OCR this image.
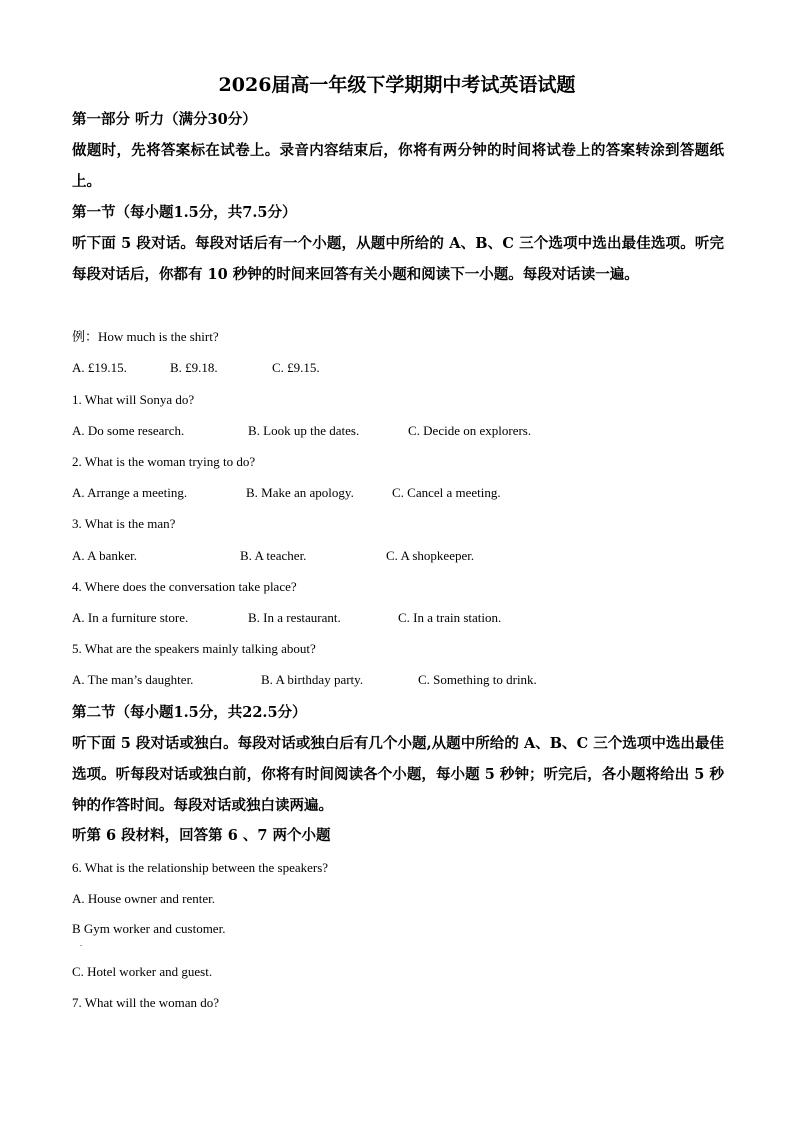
2026届高一年级下学期期中考试英语试题

第一部分 听力（满分30分）

做题时，先将答案标在试卷上。录音内容结束后，你将有两分钟的时间将试卷上的答案转涂到答题纸上。

第一节（每小题1.5分，共7.5分）

听下面 5 段对话。每段对话后有一个小题，从题中所给的 A、B、C 三个选项中选出最佳选项。听完每段对话后，你都有 10 秒钟的时间来回答有关小题和阅读下一小题。每段对话读一遍。

例：How much is the shirt?

A. £19.15.	B. £9.18.	C. £9.15.

1. What will Sonya do?

A. Do some research.	B. Look up the dates.	C. Decide on explorers.

2. What is the woman trying to do?

A. Arrange a meeting.	B. Make an apology.	C. Cancel a meeting.

3. What is the man?

A. A banker.	B. A teacher.	C. A shopkeeper.

4. Where does the conversation take place?

A. In a furniture store.	B. In a restaurant.	C. In a train station.

5. What are the speakers mainly talking about?

A. The man’s daughter.	B. A birthday party.	C. Something to drink.

第二节（每小题1.5分，共22.5分）

听下面 5 段对话或独白。每段对话或独白后有几个小题,从题中所给的 A、B、C 三个选项中选出最佳选项。听每段对话或独白前，你将有时间阅读各个小题，每小题 5 秒钟；听完后，各小题将给出 5 秒钟的作答时间。每段对话或独白读两遍。

听第 6 段材料，回答第 6 、7 两个小题

6. What is the relationship between the speakers?

A. House owner and renter.

B Gym worker and customer.

.

C. Hotel worker and guest.

7. What will the woman do?
